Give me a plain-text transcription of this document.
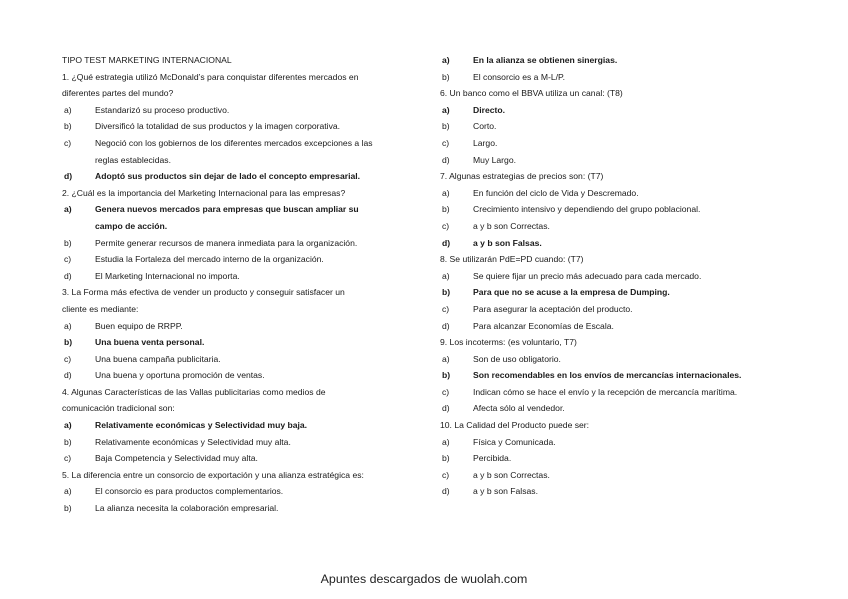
TIPO TEST MARKETING INTERNACIONAL
1. ¿Qué estrategia utilizó McDonald’s para conquistar diferentes mercados en
diferentes partes del mundo?
a)	Estandarizó su proceso productivo.
b)	Diversificó la totalidad de sus productos y la imagen corporativa.
c)	Negoció con los gobiernos de los diferentes mercados excepciones a las
reglas establecidas.
d)	Adoptó sus productos sin dejar de lado el concepto empresarial.
2. ¿Cuál es la importancia del Marketing Internacional para las empresas?
a)	Genera nuevos mercados para empresas que buscan ampliar su
campo de acción.
b)	Permite generar recursos de manera inmediata para la organización.
c)	Estudia la Fortaleza del mercado interno de la organización.
d)	El Marketing Internacional no importa.
3. La Forma más efectiva de vender un producto y conseguir satisfacer un
cliente es mediante:
a)	Buen equipo de RRPP.
b)	Una buena venta personal.
c)	Una buena campaña publicitaria.
d)	Una buena y oportuna promoción de ventas.
4. Algunas Características de las Vallas publicitarias como medios de
comunicación tradicional son:
a)	Relativamente económicas y Selectividad muy baja.
b)	Relativamente económicas y Selectividad muy alta.
c)	Baja Competencia y Selectividad muy alta.
5. La diferencia entre un consorcio de exportación y una alianza estratégica es:
a)	El consorcio es para productos complementarios.
b)	La alianza necesita la colaboración empresarial.
a)	En la alianza se obtienen sinergias.
b)	El consorcio es a M-L/P.
6. Un banco como el BBVA utiliza un canal: (T8)
a)	Directo.
b)	Corto.
c)	Largo.
d)	Muy Largo.
7. Algunas estrategias de precios son: (T7)
a)	En función del ciclo de Vida y Descremado.
b)	Crecimiento intensivo y dependiendo del grupo poblacional.
c)	a y b son Correctas.
d)	a y b son Falsas.
8. Se utilizarán PdE=PD cuando: (T7)
a)	Se quiere fijar un precio más adecuado para cada mercado.
b)	Para que no se acuse a la empresa de Dumping.
c)	Para asegurar la aceptación del producto.
d)	Para alcanzar Economías de Escala.
9. Los incoterms: (es voluntario, T7)
a)	Son de uso obligatorio.
b)	Son recomendables en los envíos de mercancías internacionales.
c)	Indican cómo se hace el envío y la recepción de mercancía marítima.
d)	Afecta sólo al vendedor.
10. La Calidad del Producto puede ser:
a)	Física y Comunicada.
b)	Percibida.
c)	a y b son Correctas.
d)	a y b son Falsas.
Apuntes descargados de wuolah.com
